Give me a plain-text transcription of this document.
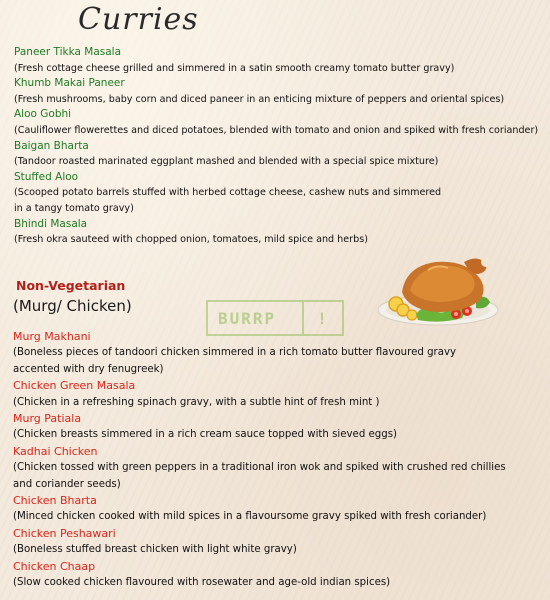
Curries
Paneer Tikka Masala
(Fresh cottage cheese grilled and simmered in a satin smooth creamy tomato butter gravy)
Khumb Makai Paneer
(Fresh mushrooms, baby corn and diced paneer in an enticing mixture of peppers and oriental spices)
Aloo Gobhi
(Cauliflower flowerettes and diced potatoes, blended with tomato and onion and spiked with fresh coriander)
Baigan Bharta
(Tandoor roasted marinated eggplant mashed and blended with a special spice mixture)
Stuffed Aloo
(Scooped potato barrels stuffed with herbed cottage cheese, cashew nuts and simmered
in a tangy tomato gravy)
Bhindi Masala
(Fresh okra sauteed with chopped onion, tomatoes, mild spice and herbs)
Non-Vegetarian
(Murg/ Chicken)
BURRP	!
Murg Makhani
(Boneless pieces of tandoori chicken simmered in a rich tomato butter flavoured gravy
accented with dry fenugreek)
Chicken Green Masala
(Chicken in a refreshing spinach gravy, with a subtle hint of fresh mint )
Murg Patiala
(Chicken breasts simmered in a rich cream sauce topped with sieved eggs)
Kadhai Chicken
(Chicken tossed with green peppers in a traditional iron wok and spiked with crushed red chillies
and coriander seeds)
Chicken Bharta
(Minced chicken cooked with mild spices in a flavoursome gravy spiked with fresh coriander)
Chicken Peshawari
(Boneless stuffed breast chicken with light white gravy)
Chicken Chaap
(Slow cooked chicken flavoured with rosewater and age-old indian spices)
